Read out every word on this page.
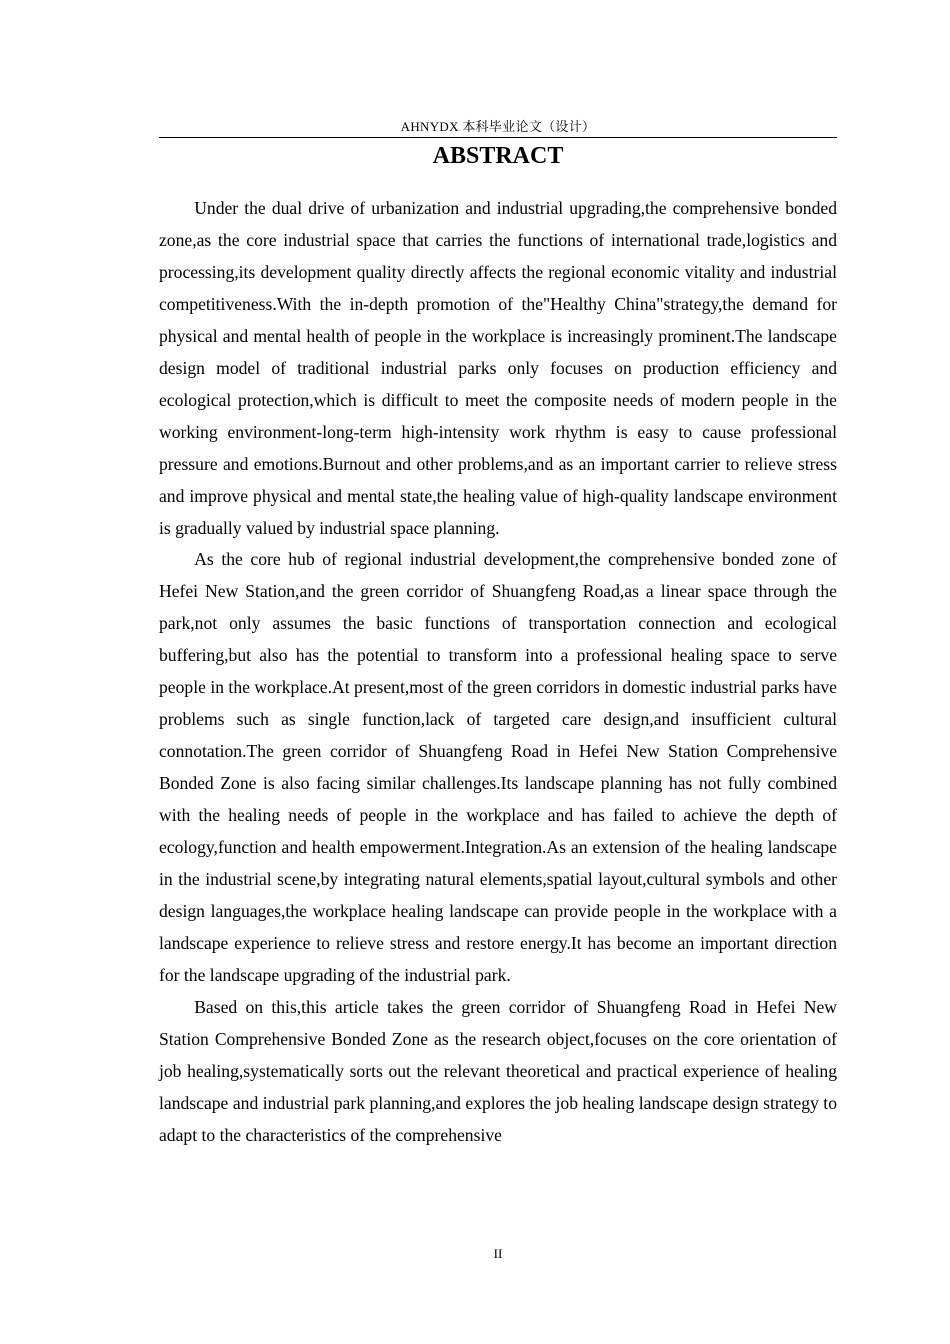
AHNYDX 本科毕业论文（设计）
ABSTRACT

Under the dual drive of urbanization and industrial upgrading,the comprehensive bonded zone,as the core industrial space that carries the functions of international trade,logistics and processing,its development quality directly affects the regional economic vitality and industrial competitiveness.With the in-depth promotion of the"Healthy China"strategy,the demand for physical and mental health of people in the workplace is increasingly prominent.The landscape design model of traditional industrial parks only focuses on production efficiency and ecological protection,which is difficult to meet the composite needs of modern people in the working environment-long-term high-intensity work rhythm is easy to cause professional pressure and emotions.Burnout and other problems,and as an important carrier to relieve stress and improve physical and mental state,the healing value of high-quality landscape environment is gradually valued by industrial space planning.

As the core hub of regional industrial development,the comprehensive bonded zone of Hefei New Station,and the green corridor of Shuangfeng Road,as a linear space through the park,not only assumes the basic functions of transportation connection and ecological buffering,but also has the potential to transform into a professional healing space to serve people in the workplace.At present,most of the green corridors in domestic industrial parks have problems such as single function,lack of targeted care design,and insufficient cultural connotation.The green corridor of Shuangfeng Road in Hefei New Station Comprehensive Bonded Zone is also facing similar challenges.Its landscape planning has not fully combined with the healing needs of people in the workplace and has failed to achieve the depth of ecology,function and health empowerment.Integration.As an extension of the healing landscape in the industrial scene,by integrating natural elements,spatial layout,cultural symbols and other design languages,the workplace healing landscape can provide people in the workplace with a landscape experience to relieve stress and restore energy.It has become an important direction for the landscape upgrading of the industrial park.

Based on this,this article takes the green corridor of Shuangfeng Road in Hefei New Station Comprehensive Bonded Zone as the research object,focuses on the core orientation of job healing,systematically sorts out the relevant theoretical and practical experience of healing landscape and industrial park planning,and explores the job healing landscape design strategy to adapt to the characteristics of the comprehensive

II
